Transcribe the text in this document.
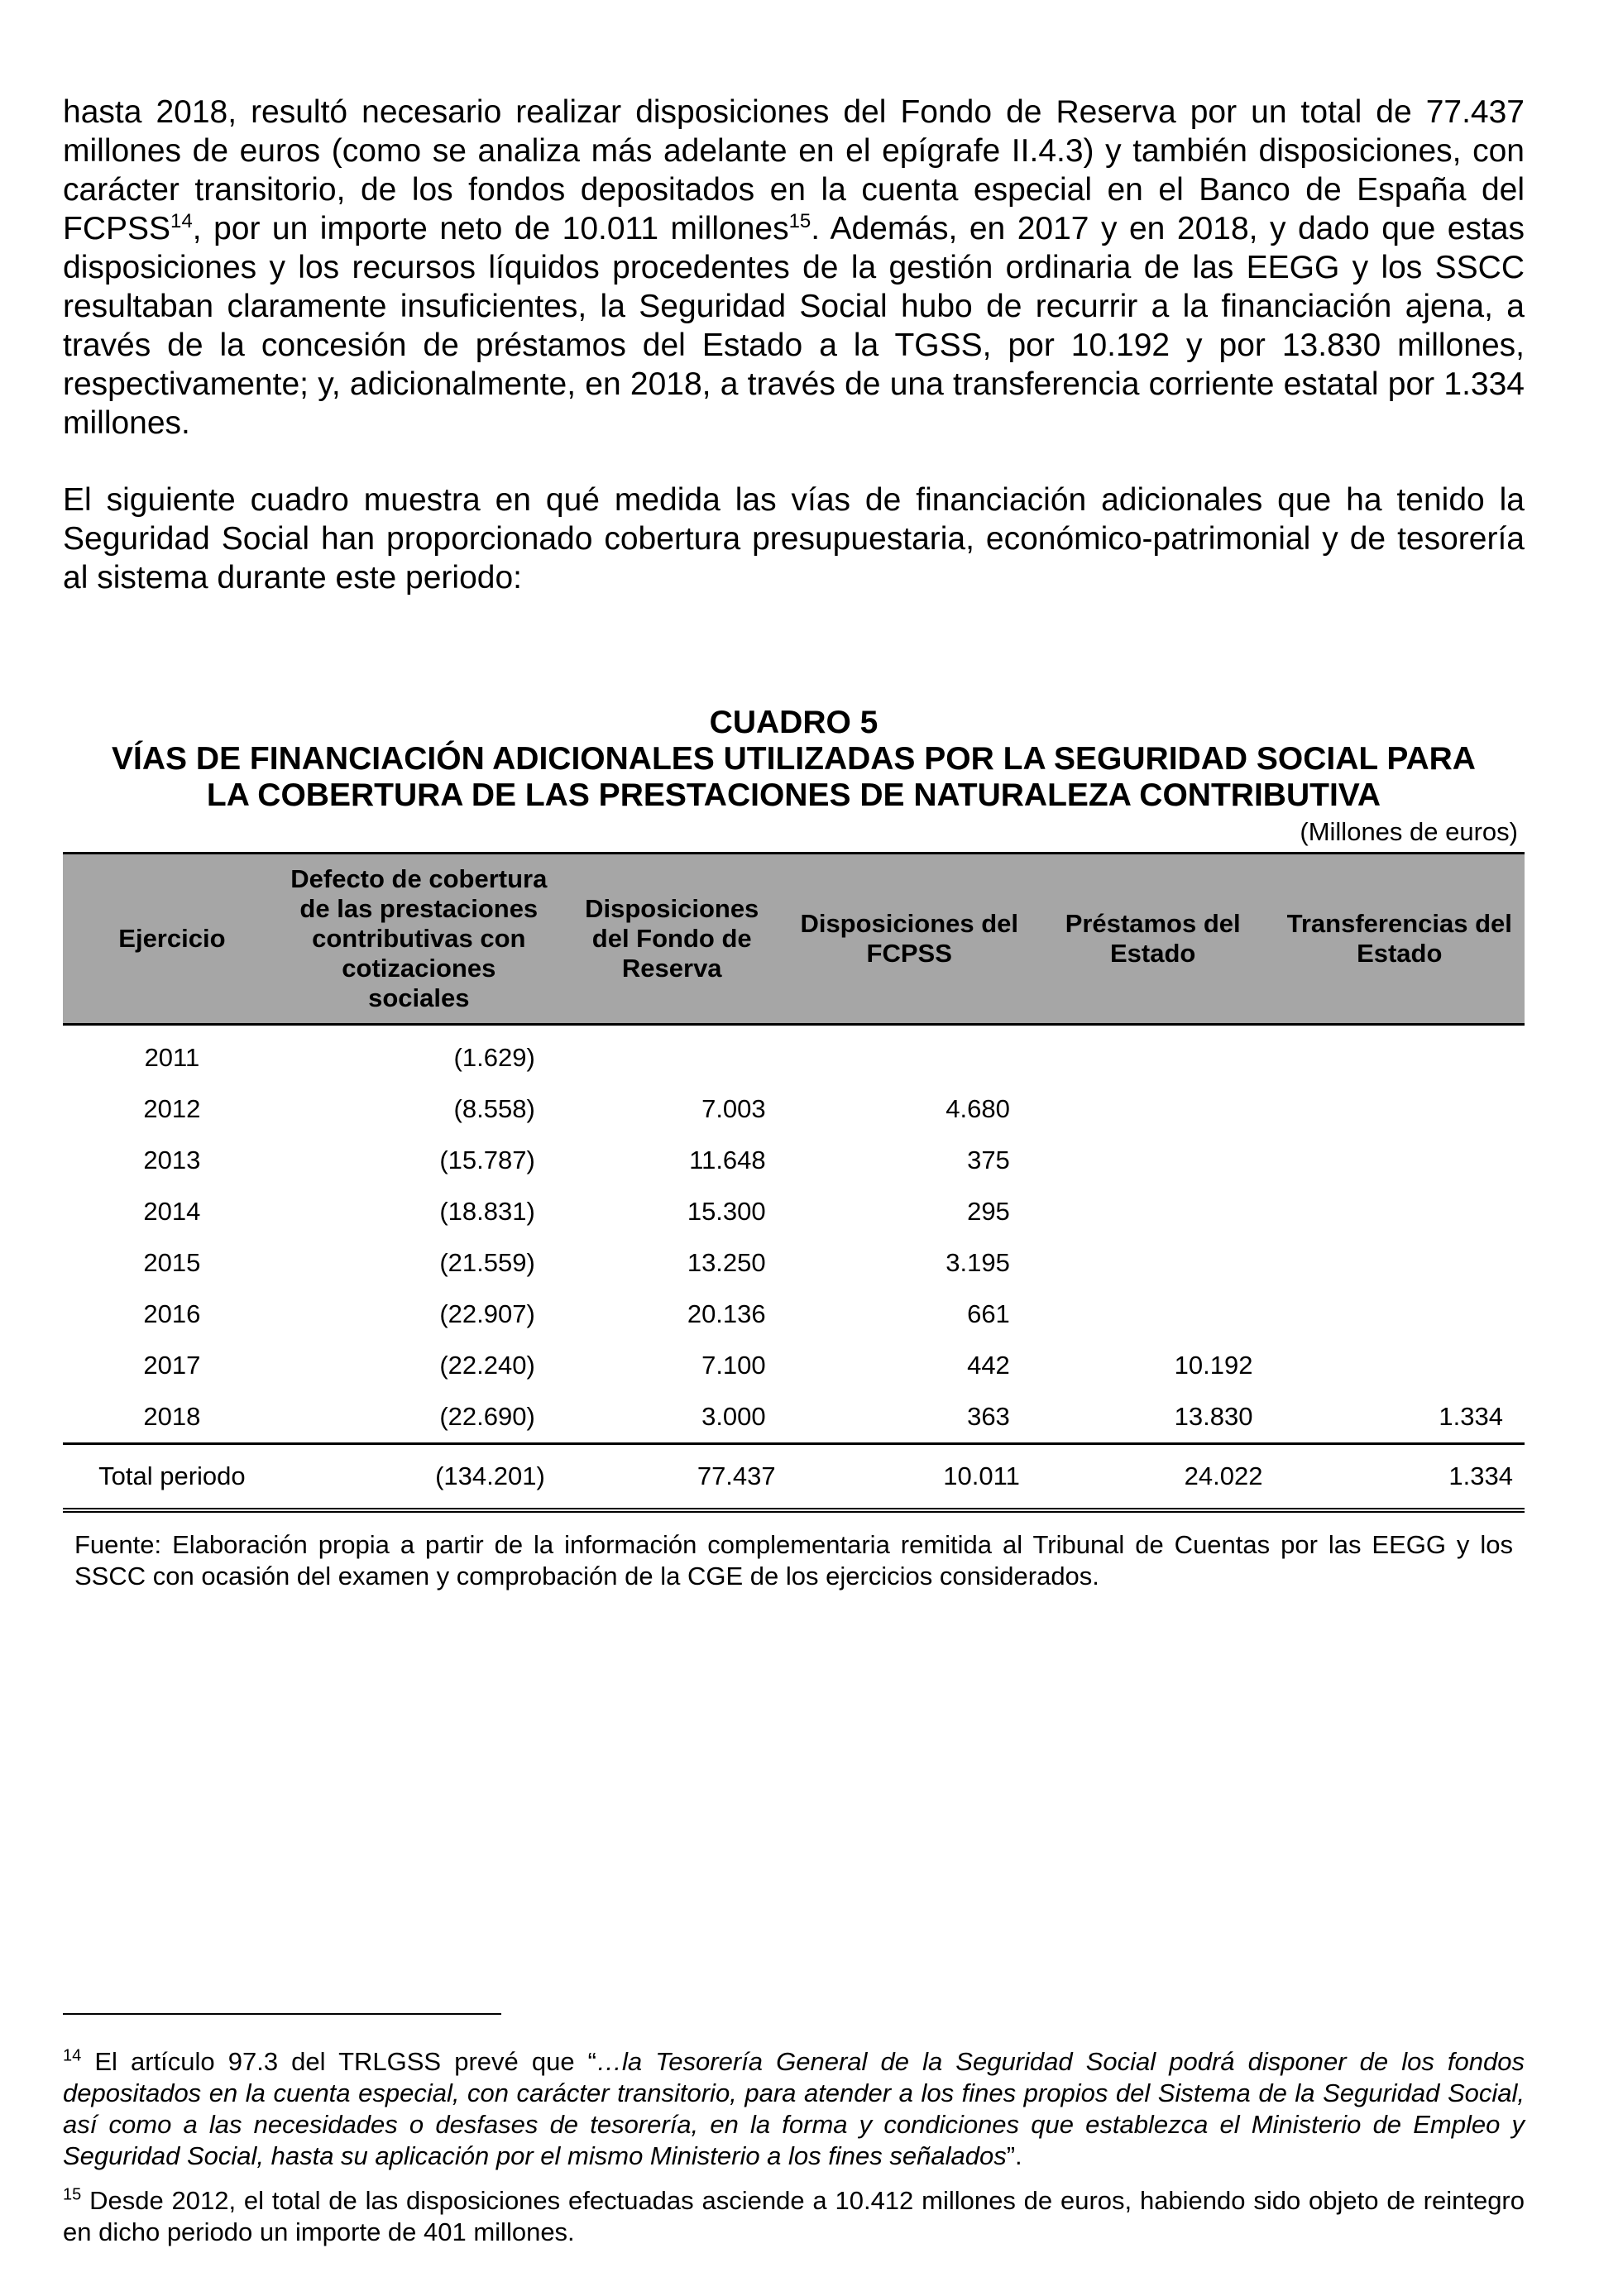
hasta 2018, resultó necesario realizar disposiciones del Fondo de Reserva por un total de 77.437 millones de euros (como se analiza más adelante en el epígrafe II.4.3) y también disposiciones, con carácter transitorio, de los fondos depositados en la cuenta especial en el Banco de España del FCPSS$^{14}$, por un importe neto de 10.011 millones$^{15}$. Además, en 2017 y en 2018, y dado que estas disposiciones y los recursos líquidos procedentes de la gestión ordinaria de las EEGG y los SSCC resultaban claramente insuficientes, la Seguridad Social hubo de recurrir a la financiación ajena, a través de la concesión de préstamos del Estado a la TGSS, por 10.192 y por 13.830 millones, respectivamente; y, adicionalmente, en 2018, a través de una transferencia corriente estatal por 1.334 millones.

El siguiente cuadro muestra en qué medida las vías de financiación adicionales que ha tenido la Seguridad Social han proporcionado cobertura presupuestaria, económico-patrimonial y de tesorería al sistema durante este periodo:

CUADRO 5
VÍAS DE FINANCIACIÓN ADICIONALES UTILIZADAS POR LA SEGURIDAD SOCIAL PARA
LA COBERTURA DE LAS PRESTACIONES DE NATURALEZA CONTRIBUTIVA
(Millones de euros)
Ejercicio	Defecto de cobertura de las prestaciones contributivas con cotizaciones sociales	Disposiciones del Fondo de Reserva	Disposiciones del FCPSS	Préstamos del Estado	Transferencias del Estado
2011	(1.629)				
2012	(8.558)	7.003	4.680		
2013	(15.787)	11.648	375		
2014	(18.831)	15.300	295		
2015	(21.559)	13.250	3.195		
2016	(22.907)	20.136	661		
2017	(22.240)	7.100	442	10.192	
2018	(22.690)	3.000	363	13.830	1.334
Total periodo	(134.201)	77.437	10.011	24.022	1.334
Fuente: Elaboración propia a partir de la información complementaria remitida al Tribunal de Cuentas por las EEGG y los SSCC con ocasión del examen y comprobación de la CGE de los ejercicios considerados.

$^{14}$ El artículo 97.3 del TRLGSS prevé que “…la Tesorería General de la Seguridad Social podrá disponer de los fondos depositados en la cuenta especial, con carácter transitorio, para atender a los fines propios del Sistema de la Seguridad Social, así como a las necesidades o desfases de tesorería, en la forma y condiciones que establezca el Ministerio de Empleo y Seguridad Social, hasta su aplicación por el mismo Ministerio a los fines señalados”.

$^{15}$ Desde 2012, el total de las disposiciones efectuadas asciende a 10.412 millones de euros, habiendo sido objeto de reintegro en dicho periodo un importe de 401 millones.
